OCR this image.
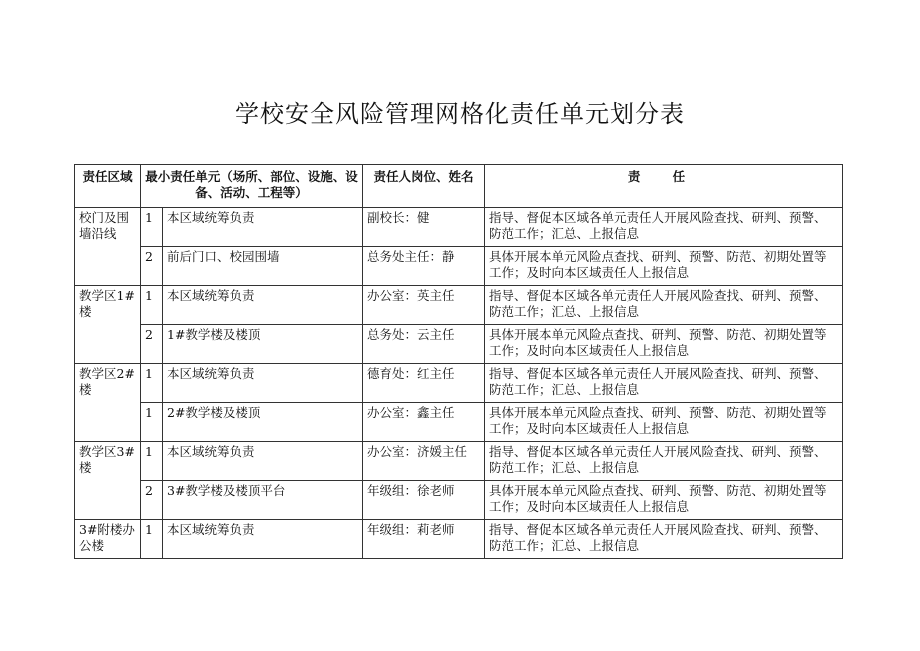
学校安全风险管理网格化责任单元划分表
责任区域	最小责任单元（场所、部位、设施、设备、活动、工程等）		责任人岗位、姓名	责 任
校门及围墙沿线	1	本区域统筹负责	副校长：健	指导、督促本区域各单元责任人开展风险查找、研判、预警、防范工作；汇总、上报信息
	2	前后门口、校园围墙	总务处主任：静	具体开展本单元风险点查找、研判、预警、防范、初期处置等工作；及时向本区域责任人上报信息
教学区1#楼	1	本区域统筹负责	办公室：英主任	指导、督促本区域各单元责任人开展风险查找、研判、预警、防范工作；汇总、上报信息
	2	1#教学楼及楼顶	总务处：云主任	具体开展本单元风险点查找、研判、预警、防范、初期处置等工作；及时向本区域责任人上报信息
教学区2#楼	1	本区域统筹负责	德育处：红主任	指导、督促本区域各单元责任人开展风险查找、研判、预警、防范工作；汇总、上报信息
	1	2#教学楼及楼顶	办公室：鑫主任	具体开展本单元风险点查找、研判、预警、防范、初期处置等工作；及时向本区域责任人上报信息
教学区3#楼	1	本区域统筹负责	办公室：济媛主任	指导、督促本区域各单元责任人开展风险查找、研判、预警、防范工作；汇总、上报信息
	2	3#教学楼及楼顶平台	年级组：徐老师	具体开展本单元风险点查找、研判、预警、防范、初期处置等工作；及时向本区域责任人上报信息
3#附楼办公楼	1	本区域统筹负责	年级组：莉老师	指导、督促本区域各单元责任人开展风险查找、研判、预警、防范工作；汇总、上报信息
